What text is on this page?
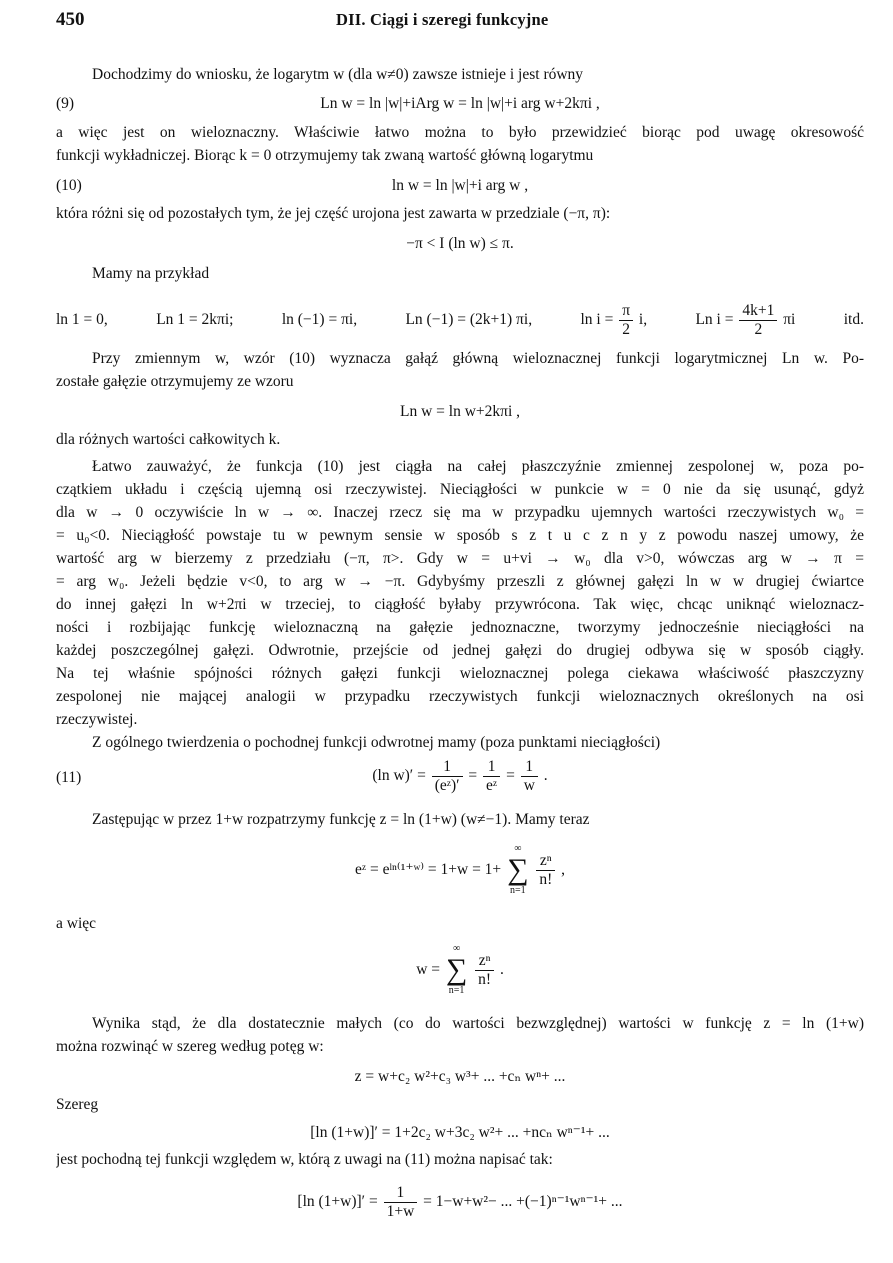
450	DII. Ciągi i szeregi funkcyjne
Dochodzimy do wniosku, że logarytm w (dla w≠0) zawsze istnieje i jest równy
(9)	Ln w = ln |w|+iArg w = ln |w|+i arg w+2kπi ,
a więc jest on wieloznaczny. Właściwie łatwo można to było przewidzieć biorąc pod uwagę okresowość
funkcji wykładniczej. Biorąc k = 0 otrzymujemy tak zwaną wartość główną logarytmu
(10)	ln w = ln |w|+i arg w ,
która różni się od pozostałych tym, że jej część urojona jest zawarta w przedziale (−π, π):
−π < I (ln w) ≤ π.
Mamy na przykład
ln 1 = 0,	Ln 1 = 2kπi;	ln (−1) = πi,	Ln (−1) = (2k+1) πi,	$\ln i = \frac{\pi}{2} i$,	Ln $i = \frac{4k+1}{2}$ πi	itd.
Przy zmiennym w, wzór (10) wyznacza gałąź główną wieloznacznej funkcji logarytmicznej Ln w. Po-
zostałe gałęzie otrzymujemy ze wzoru
Ln w = ln w+2kπi ,
dla różnych wartości całkowitych k.
Łatwo zauważyć, że funkcja (10) jest ciągła na całej płaszczyźnie zmiennej zespolonej w, poza po-
czątkiem układu i częścią ujemną osi rzeczywistej. Nieciągłości w punkcie w = 0 nie da się usunąć, gdyż
dla w → 0 oczywiście ln w → ∞. Inaczej rzecz się ma w przypadku ujemnych wartości rzeczywistych w₀ =
= u₀<0. Nieciągłość powstaje tu w pewnym sensie w sposób s z t u c z n y z powodu naszej umowy, że
wartość arg w bierzemy z przedziału (−π, π>. Gdy w = u+vi → w₀ dla v>0, wówczas arg w → π =
= arg w₀. Jeżeli będzie v<0, to arg w → −π. Gdybyśmy przeszli z głównej gałęzi ln w w drugiej ćwiartce
do innej gałęzi ln w+2πi w trzeciej, to ciągłość byłaby przywrócona. Tak więc, chcąc uniknąć wieloznacz-
ności i rozbijając funkcję wieloznaczną na gałęzie jednoznaczne, tworzymy jednocześnie nieciągłości na
każdej poszczególnej gałęzi. Odwrotnie, przejście od jednej gałęzi do drugiej odbywa się w sposób ciągły.
Na tej właśnie spójności różnych gałęzi funkcji wieloznacznej polega ciekawa właściwość płaszczyzny
zespolonej nie mającej analogii w przypadku rzeczywistych funkcji wieloznacznych określonych na osi
rzeczywistej.
Z ogólnego twierdzenia o pochodnej funkcji odwrotnej mamy (poza punktami nieciągłości)
(11)	(ln $w)' = \frac{1}{\text{(eᶻ)′}} = \frac{1}{\text{eᶻ}} = \frac{1}{w}$ .
Zastępując w przez 1+w rozpatrzymy funkcję z = ln (1+w) (w≠−1). Mamy teraz
eᶻ = eˡⁿ⁽¹⁺ʷ⁾ = 1+w = 1+
∞
∑
n=1

$\frac{\text{zⁿ}}{n!}$ ,
a więc
w =
∞
∑
n=1

$\frac{\text{zⁿ}}{n!}$ .
Wynika stąd, że dla dostatecznie małych (co do wartości bezwzględnej) wartości w funkcję z = ln (1+w)
można rozwinąć w szereg według potęg w:
z = w+c₂ w²+c₃ w³+ ... +cₙ wⁿ+ ...
Szereg
[ln (1+w)]′ = 1+2c₂ w+3c₂ w²+ ... +ncₙ wⁿ⁻¹+ ...
jest pochodną tej funkcji względem w, którą z uwagi na (11) można napisać tak:
[ln $(1+w)]' = \frac{1}{1+w} = 1-w+w^2-$ ... +(−1)ⁿ⁻¹wⁿ⁻¹+ ...
